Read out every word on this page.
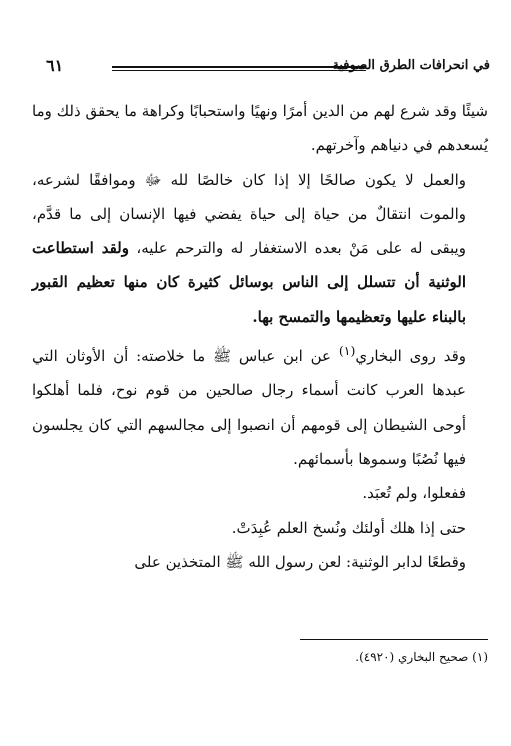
في انحرافات الطرق الصوفية
٦١

شيئًا وقد شرع لهم من الدين أمرًا ونهيًا واستحبابًا وكراهة ما يحقق ذلك وما يُسعدهم في دنياهم وآخرتهم.

والعمل لا يكون صالحًا إلا إذا كان خالصًا لله ﷻ وموافقًا لشرعه، والموت انتقالٌ من حياة إلى حياة يفضي فيها الإنسان إلى ما قدَّم، ويبقى له على مَنْ بعده الاستغفار له والترحم عليه، ولقد استطاعت الوثنية أن تتسلل إلى الناس بوسائل كثيرة كان منها تعظيم القبور بالبناء عليها وتعظيمها والتمسح بها.

وقد روى البخاري$^{(١)}$ عن ابن عباس ﷺ ما خلاصته: أن الأوثان التي عبدها العرب كانت أسماء رجال صالحين من قوم نوح، فلما أهلكوا أوحى الشيطان إلى قومهم أن انصبوا إلى مجالسهم التي كان يجلسون فيها نُصُبًا وسموها بأسمائهم.

ففعلوا، ولم تُعبَد.

حتى إذا هلك أولئك ونُسخ العلم عُبِدَتْ.

وقطعًا لدابر الوثنية: لعن رسول الله ﷺ المتخذين على

(١) صحيح البخاري (٤٩٢٠).
